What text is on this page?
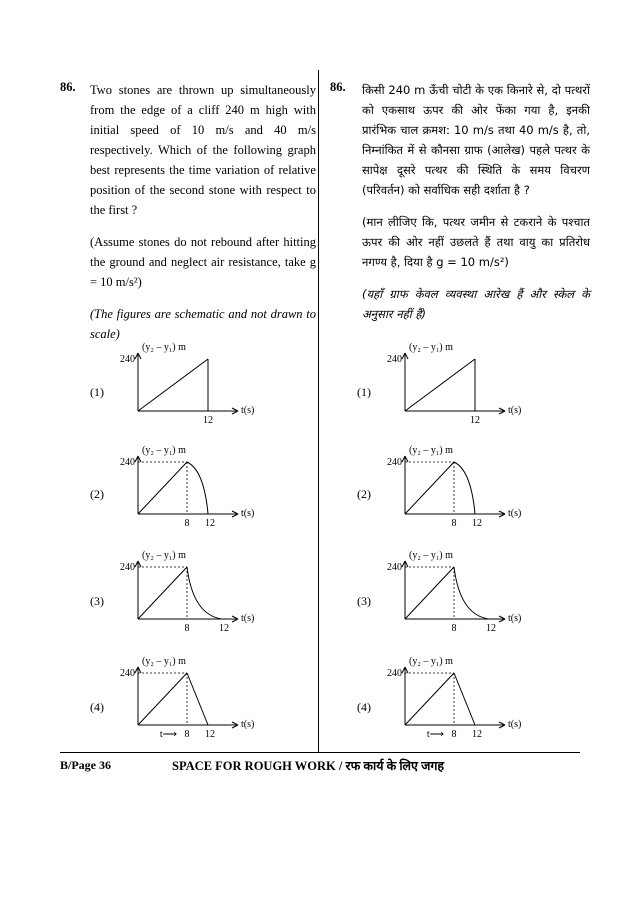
86. Two stones are thrown up simultaneously from the edge of a cliff 240 m high with initial speed of 10 m/s and 40 m/s respectively. Which of the following graph best represents the time variation of relative position of the second stone with respect to the first ?

(Assume stones do not rebound after hitting the ground and neglect air resistance, take g = 10 m/s²)

(The figures are schematic and not drawn to scale)

86. किसी 240 m ऊँची चोटी के एक किनारे से, दो पत्थरों को एकसाथ ऊपर की ओर फेंका गया है, इनकी प्रारंभिक चाल क्रमश: 10 m/s तथा 40 m/s है, तो, निम्नांकित में से कौनसा ग्राफ (आलेख) पहले पत्थर के सापेक्ष दूसरे पत्थर की स्थिति के समय विचरण (परिवर्तन) को सर्वाधिक सही दर्शाता है ?

(मान लीजिए कि, पत्थर जमीन से टकराने के पश्चात ऊपर की ओर नहीं उछलते हैं तथा वायु का प्रतिरोध नगण्य है, दिया है g = 10 m/s²)

(यहाँ ग्राफ केवल व्यवस्था आरेख हैं और स्केल के अनुसार नहीं हैं)

(1)
(2)
(3)
(4)
(1)
(2)
(3)
(4)
(y₂ – y₁) m
240
t(s)
12
(y₂ – y₁) m
240
t(s)
12
(y₂ – y₁) m
240
t(s)
8 12
(y₂ – y₁) m
240
t(s)
8 12
(y₂ – y₁) m
240
t(s)
8	12
(y₂ – y₁) m
240
t(s)
8	12
(y₂ – y₁) m
240
t(s)
8 12
t⟶
(y₂ – y₁) m
240
t(s)
8 12
t⟶
B/Page 36	SPACE FOR ROUGH WORK / रफ कार्य के लिए जगह
